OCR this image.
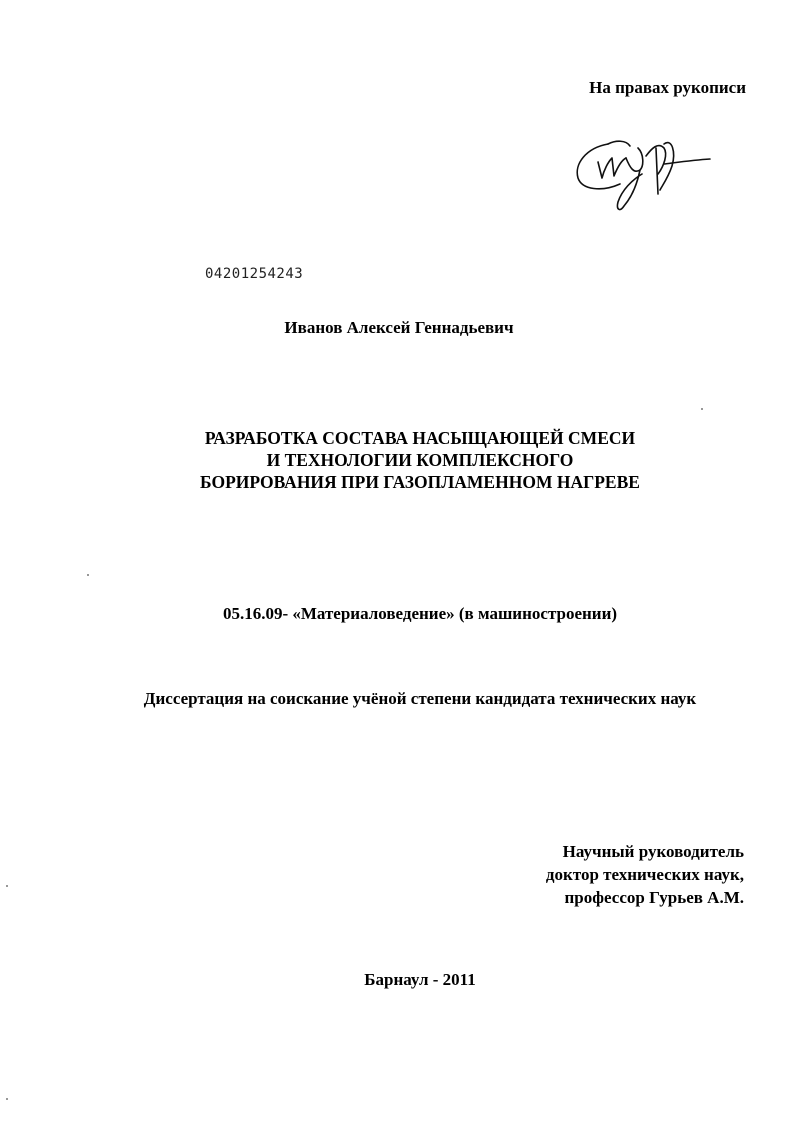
На правах рукописи
04201254243
Иванов Алексей Геннадьевич
РАЗРАБОТКА СОСТАВА НАСЫЩАЮЩЕЙ СМЕСИ
И ТЕХНОЛОГИИ КОМПЛЕКСНОГО
БОРИРОВАНИЯ ПРИ ГАЗОПЛАМЕННОМ НАГРЕВЕ
05.16.09- «Материаловедение» (в машиностроении)
Диссертация на соискание учёной степени кандидата технических наук
Научный руководитель
доктор технических наук,
профессор Гурьев А.М.
Барнаул - 2011
